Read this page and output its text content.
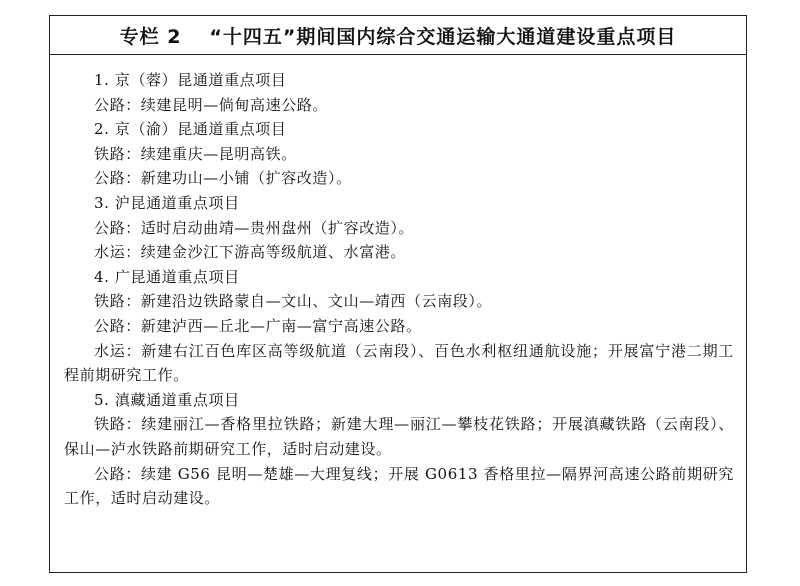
专栏 2 “十四五”期间国内综合交通运输大通道建设重点项目
1. 京（蓉）昆通道重点项目
公路：续建昆明—倘甸高速公路。
2. 京（渝）昆通道重点项目
铁路：续建重庆—昆明高铁。
公路：新建功山—小铺（扩容改造）。
3. 沪昆通道重点项目
公路：适时启动曲靖—贵州盘州（扩容改造）。
水运：续建金沙江下游高等级航道、水富港。
4. 广昆通道重点项目
铁路：新建沿边铁路蒙自—文山、文山—靖西（云南段）。
公路：新建泸西—丘北—广南—富宁高速公路。
水运：新建右江百色库区高等级航道（云南段）、百色水利枢纽通航设施；开展富宁港二期工程前期研究工作。
5. 滇藏通道重点项目
铁路：续建丽江—香格里拉铁路；新建大理—丽江—攀枝花铁路；开展滇藏铁路（云南段）、保山—泸水铁路前期研究工作，适时启动建设。
公路：续建 G56 昆明—楚雄—大理复线；开展 G0613 香格里拉—隔界河高速公路前期研究工作，适时启动建设。
